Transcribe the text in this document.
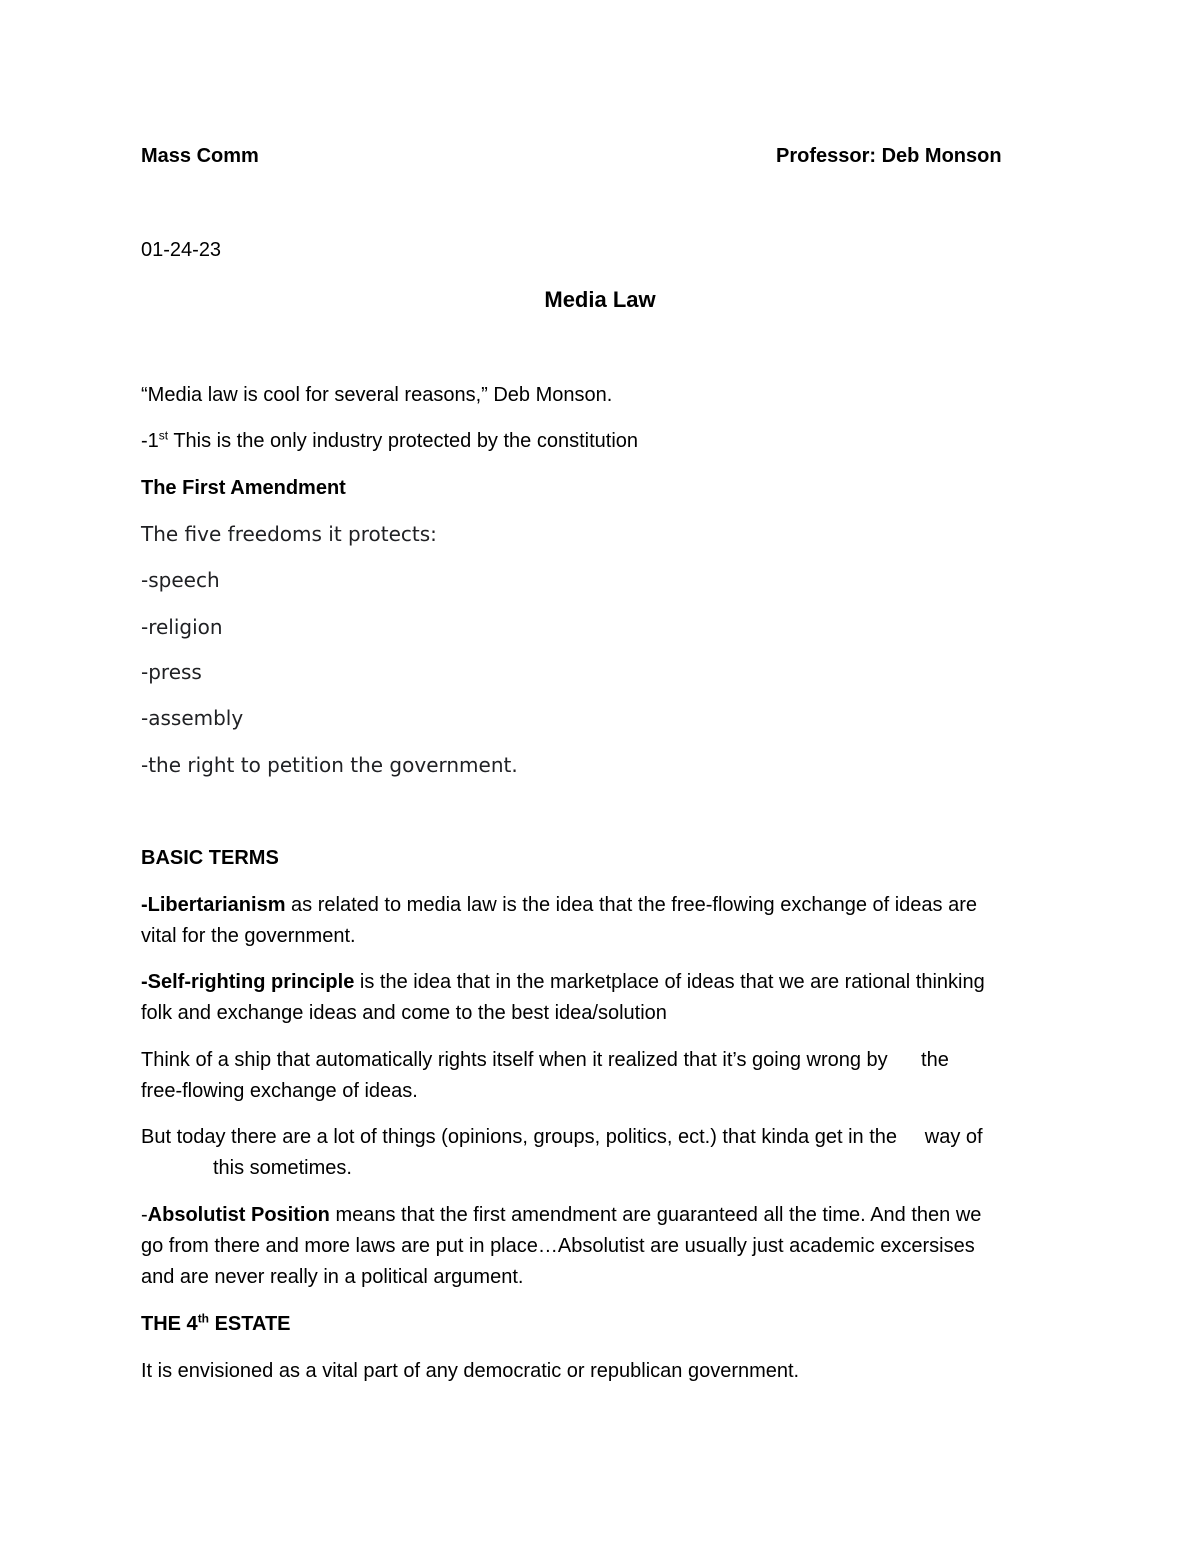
Mass Comm	Professor: Deb Monson
01-24-23
Media Law
“Media law is cool for several reasons,” Deb Monson.
-1st This is the only industry protected by the constitution
The First Amendment
The five freedoms it protects:
-speech
-religion
-press
-assembly
-the right to petition the government.
BASIC TERMS
-Libertarianism as related to media law is the idea that the free-flowing exchange of ideas are
vital for the government.
-Self-righting principle is the idea that in the marketplace of ideas that we are rational thinking
folk and exchange ideas and come to the best idea/solution
Think of a ship that automatically rights itself when it realized that it’s going wrong by      the
free-flowing exchange of ideas.
But today there are a lot of things (opinions, groups, politics, ect.) that kinda get in the     way of
this sometimes.
-Absolutist Position means that the first amendment are guaranteed all the time. And then we
go from there and more laws are put in place…Absolutist are usually just academic excersises
and are never really in a political argument.
THE 4th ESTATE
It is envisioned as a vital part of any democratic or republican government.
